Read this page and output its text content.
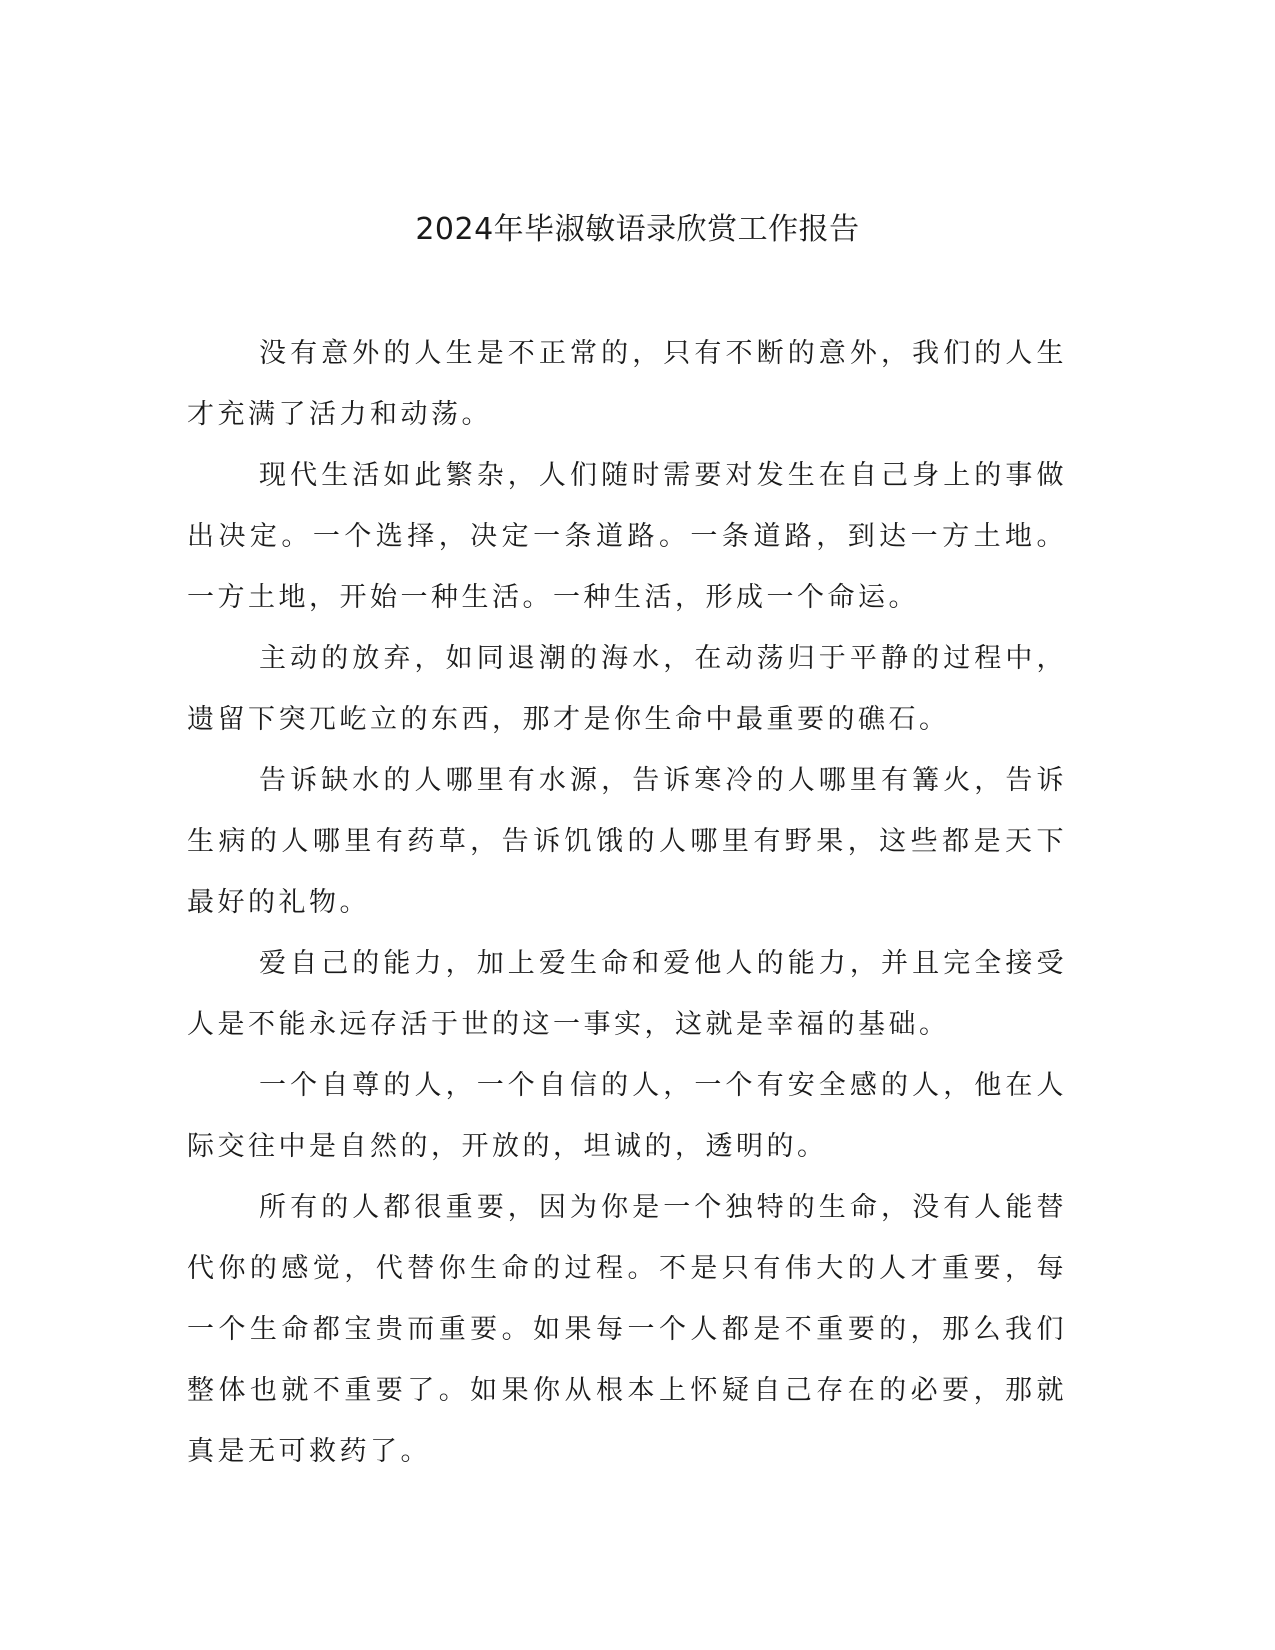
2024年毕淑敏语录欣赏工作报告

没有意外的人生是不正常的，只有不断的意外，我们的人生才充满了活力和动荡。

现代生活如此繁杂，人们随时需要对发生在自己身上的事做出决定。一个选择，决定一条道路。一条道路，到达一方土地。一方土地，开始一种生活。一种生活，形成一个命运。

主动的放弃，如同退潮的海水，在动荡归于平静的过程中，遗留下突兀屹立的东西，那才是你生命中最重要的礁石。

告诉缺水的人哪里有水源，告诉寒冷的人哪里有篝火，告诉生病的人哪里有药草，告诉饥饿的人哪里有野果，这些都是天下最好的礼物。

爱自己的能力，加上爱生命和爱他人的能力，并且完全接受人是不能永远存活于世的这一事实，这就是幸福的基础。

一个自尊的人，一个自信的人，一个有安全感的人，他在人际交往中是自然的，开放的，坦诚的，透明的。

所有的人都很重要，因为你是一个独特的生命，没有人能替代你的感觉，代替你生命的过程。不是只有伟大的人才重要，每一个生命都宝贵而重要。如果每一个人都是不重要的，那么我们整体也就不重要了。如果你从根本上怀疑自己存在的必要，那就真是无可救药了。
